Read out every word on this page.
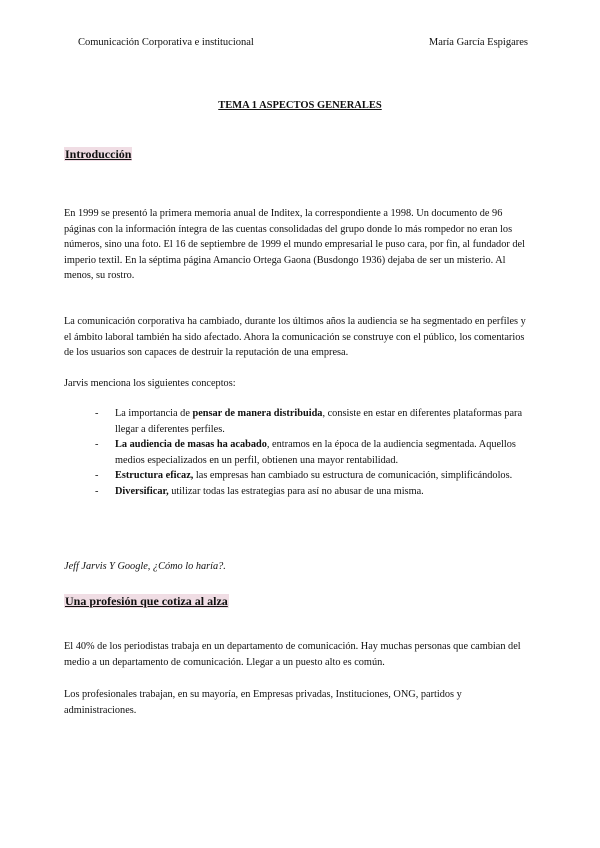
Comunicación Corporativa e institucional	María García Espigares
TEMA 1 ASPECTOS GENERALES
Introducción

En 1999 se presentó la primera memoria anual de Inditex, la correspondiente a 1998. Un documento de 96 páginas con la información íntegra de las cuentas consolidadas del grupo donde lo más rompedor no eran los números, sino una foto. El 16 de septiembre de 1999 el mundo empresarial le puso cara, por fin, al fundador del imperio textil. En la séptima página Amancio Ortega Gaona (Busdongo 1936) dejaba de ser un misterio. Al menos, su rostro.

La comunicación corporativa ha cambiado, durante los últimos años la audiencia se ha segmentado en perfiles y el ámbito laboral también ha sido afectado. Ahora la comunicación se construye con el público, los comentarios de los usuarios son capaces de destruir la reputación de una empresa.

Jarvis menciona los siguientes conceptos:

- La importancia de pensar de manera distribuida, consiste en estar en diferentes plataformas para llegar a diferentes perfiles.
- La audiencia de masas ha acabado, entramos en la época de la audiencia segmentada. Aquellos medios especializados en un perfil, obtienen una mayor rentabilidad.
- Estructura eficaz, las empresas han cambiado su estructura de comunicación, simplificándolos.
- Diversificar, utilizar todas las estrategias para así no abusar de una misma.

Jeff Jarvis Y Google, ¿Cómo lo haría?.

Una profesión que cotiza al alza

El 40% de los periodistas trabaja en un departamento de comunicación. Hay muchas personas que cambian del medio a un departamento de comunicación. Llegar a un puesto alto es común.

Los profesionales trabajan, en su mayoría, en Empresas privadas, Instituciones, ONG, partidos y administraciones.
